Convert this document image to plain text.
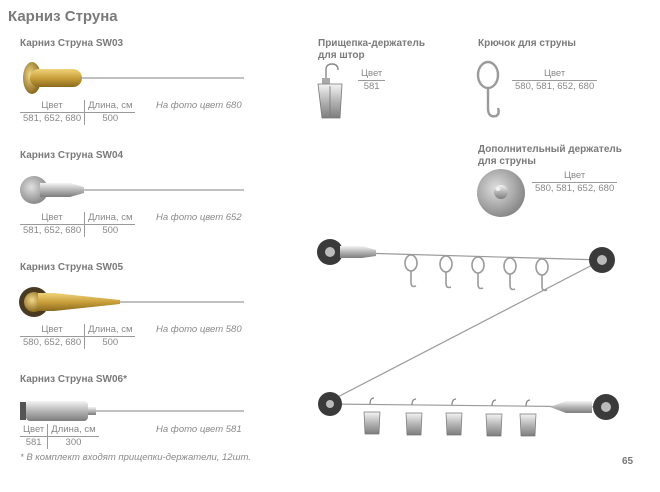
Карниз Струна
Карниз Струна SW03
Цвет	Длина, см
581, 652, 680	500
На фото цвет 680
Карниз Струна SW04
Цвет	Длина, см
581, 652, 680	500
На фото цвет 652
Карниз Струна SW05
Цвет	Длина, см
580, 652, 680	500
На фото цвет 580
Карниз Струна SW06*
Цвет	Длина, см
581	300
На фото цвет 581
* В комплект входят прищепки-держатели, 12шт.
Прищепка-держатель
для штор
Цвет
581
Крючок для струны
Цвет
580, 581, 652, 680
Дополнительный держатель
для струны
Цвет
580, 581, 652, 680
65
